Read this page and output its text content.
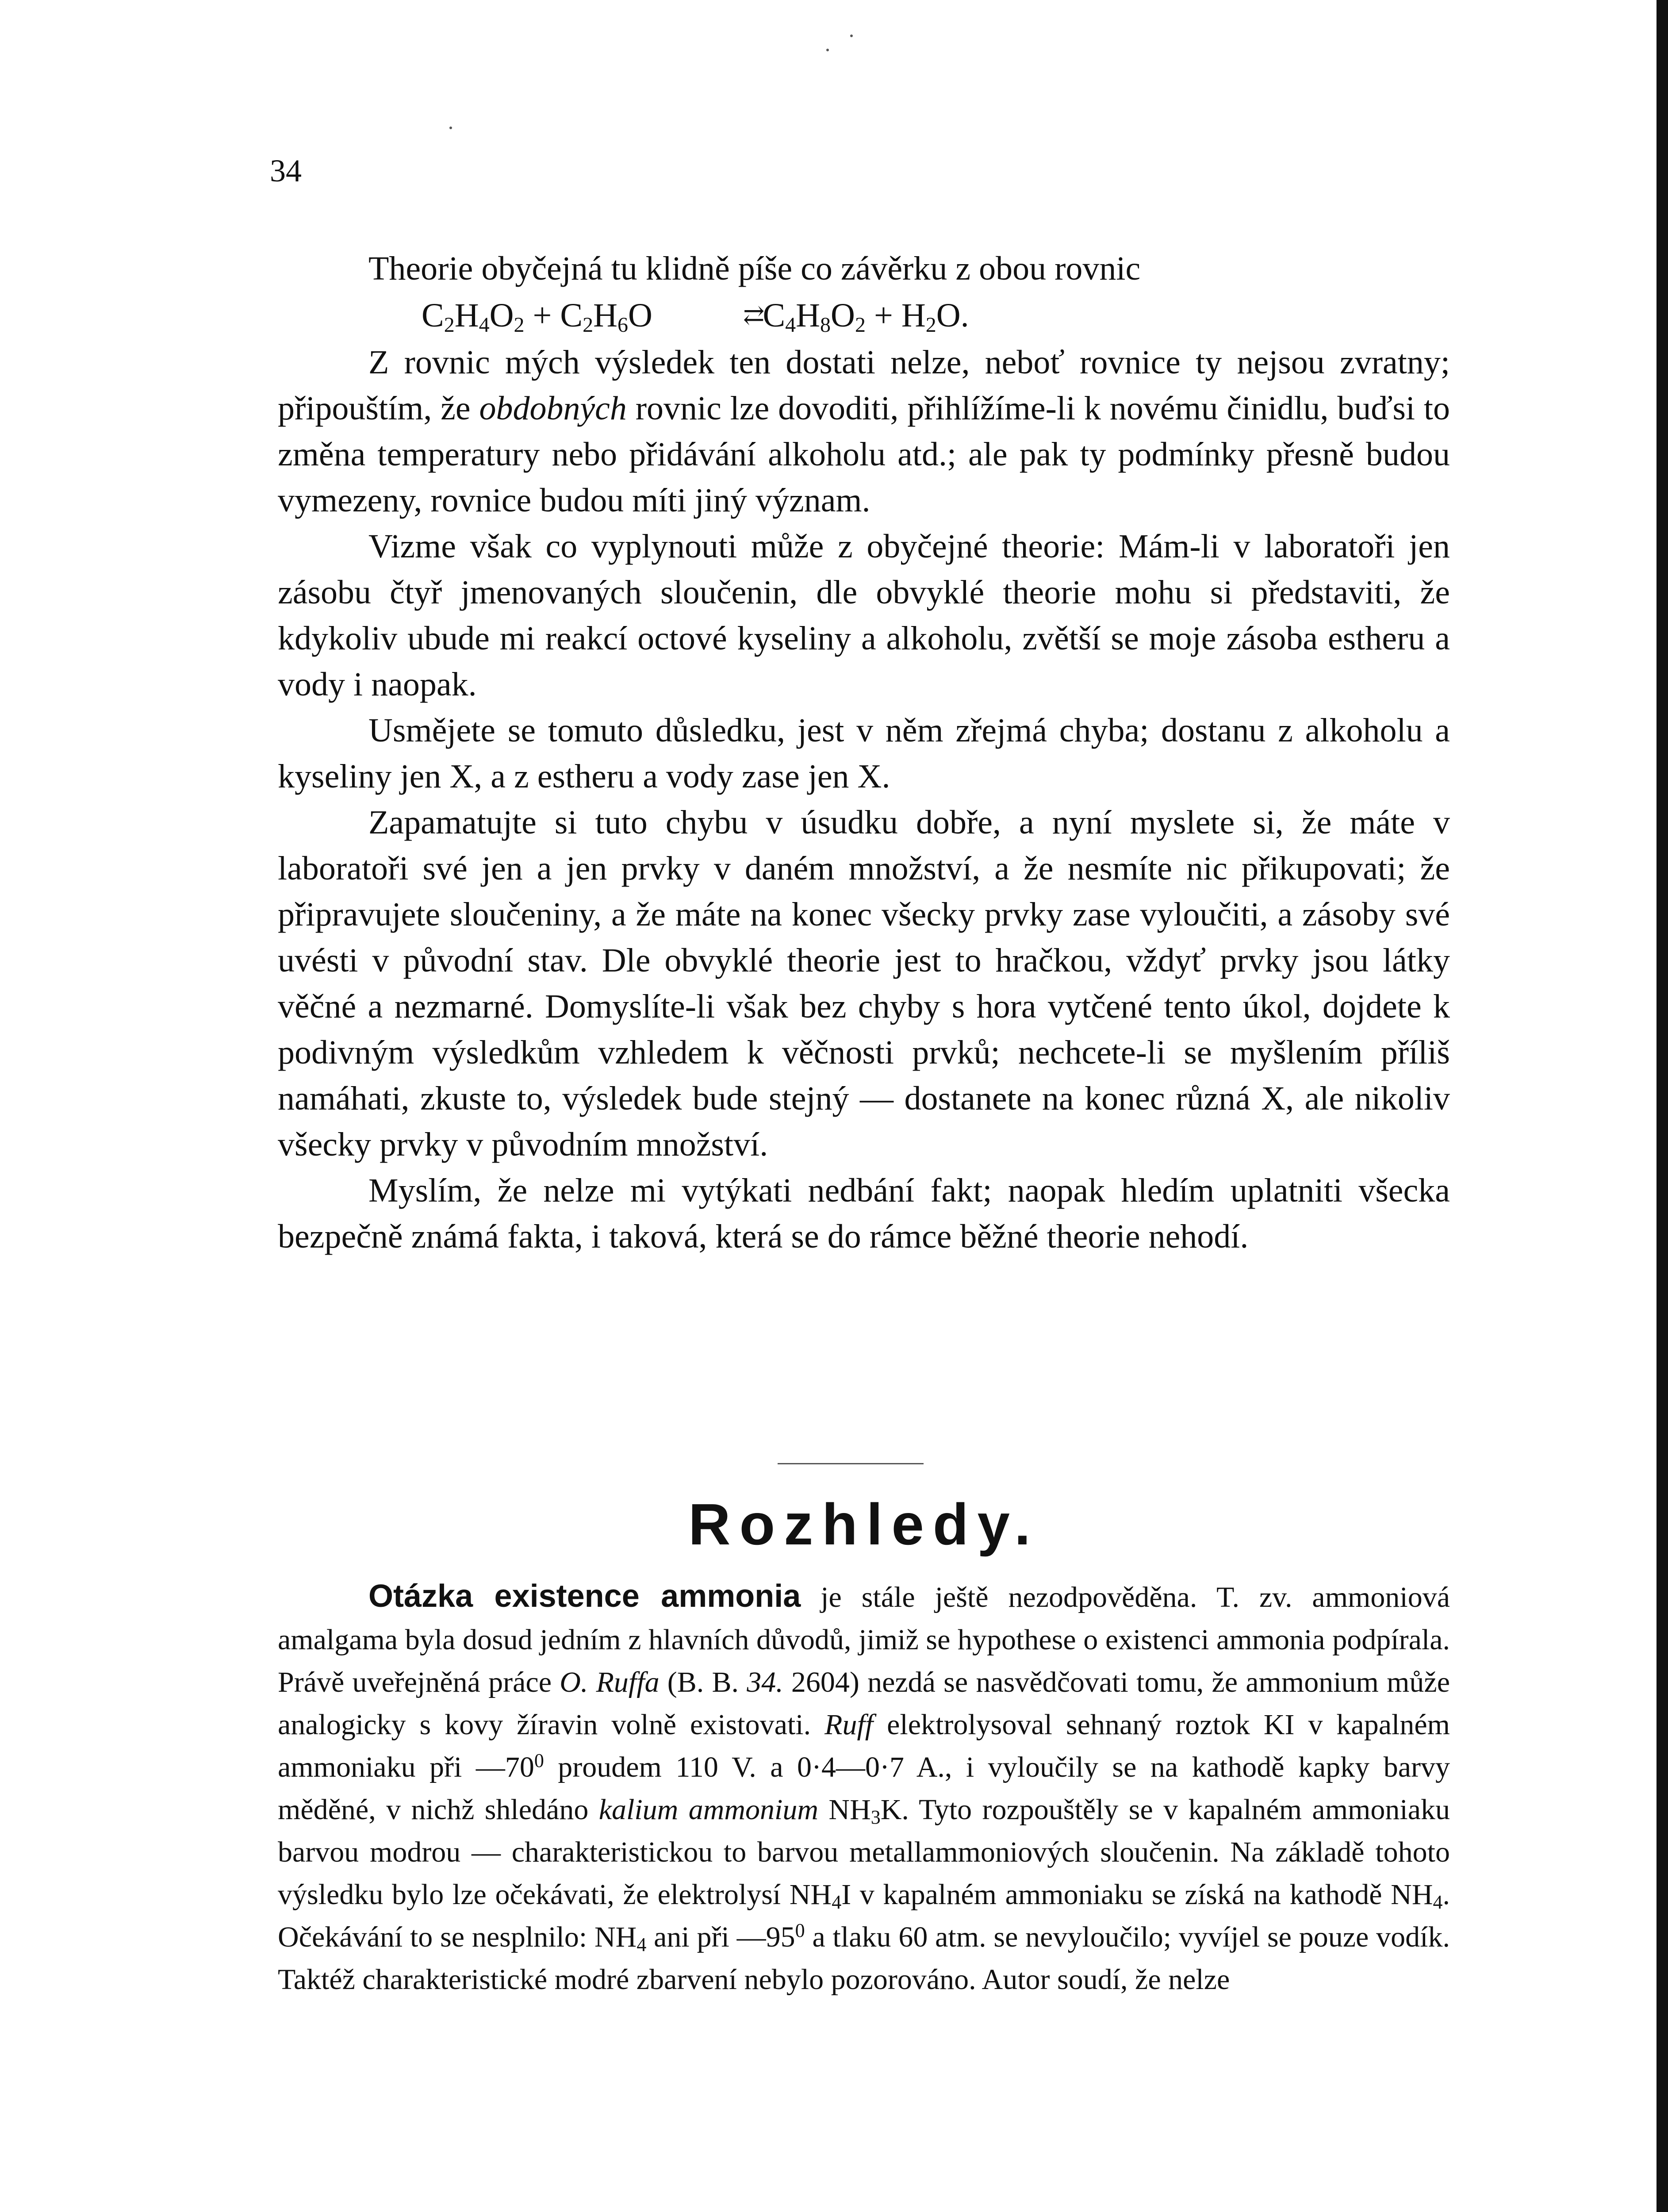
34

Theorie obyčejná tu klidně píše co závěrku z obou rovnic

$C_2H_4O_2 + C_2H_6O$	$⇄C_4H_8O_2 + H_2O$.

Z rovnic mých výsledek ten dostati nelze, neboť rovnice ty nejsou zvratny; připouštím, že obdobných rovnic lze dovoditi, přihlížíme-li k novému činidlu, buďsi to změna temperatury nebo přidávání alkoholu atd.; ale pak ty podmínky přesně budou vymezeny, rovnice budou míti jiný význam.

Vizme však co vyplynouti může z obyčejné theorie: Mám-li v laboratoři jen zásobu čtyř jmenovaných sloučenin, dle obvyklé theorie mohu si představiti, že kdykoliv ubude mi reakcí octové kyseliny a alkoholu, zvětší se moje zásoba estheru a vody i naopak.

Usmějete se tomuto důsledku, jest v něm zřejmá chyba; dostanu z alkoholu a kyseliny jen X, a z estheru a vody zase jen X.

Zapamatujte si tuto chybu v úsudku dobře, a nyní myslete si, že máte v laboratoři své jen a jen prvky v daném množství, a že nesmíte nic přikupovati; že připravujete sloučeniny, a že máte na konec všecky prvky zase vyloučiti, a zásoby své uvésti v původní stav. Dle obvyklé theorie jest to hračkou, vždyť prvky jsou látky věčné a nezmarné. Domyslíte-li však bez chyby s hora vytčené tento úkol, dojdete k podivným výsledkům vzhledem k věčnosti prvků; nechcete-li se myšlením příliš namáhati, zkuste to, výsledek bude stejný — dostanete na konec různá X, ale nikoliv všecky prvky v původním množství.

Myslím, že nelze mi vytýkati nedbání fakt; naopak hledím uplatniti všecka bezpečně známá fakta, i taková, která se do rámce běžné theorie nehodí.

Rozhledy.

Otázka existence ammonia je stále ještě nezodpověděna. T. zv. ammoniová amalgama byla dosud jedním z hlavních důvodů, jimiž se hypothese o existenci ammonia podpírala. Právě uveřejněná práce O. Ruffa (B. B. 34. 2604) nezdá se nasvědčovati tomu, že ammonium může analogicky s kovy žíravin volně existovati. Ruff elektrolysoval sehnaný roztok KI v kapalném ammoniaku při $—70^0$ proudem 110 V. a 0·4—0·7 A., i vyloučily se na kathodě kapky barvy měděné, v nichž shledáno kalium ammonium $NH_3K$. Tyto rozpouštěly se v kapalném ammoniaku barvou modrou — charakteristickou to barvou metallammoniových sloučenin. Na základě tohoto výsledku bylo lze očekávati, že elektrolysí $NH_4I$ v kapalném ammoniaku se získá na kathodě $NH_4$. Očekávání to se nesplnilo: $NH_4$ ani při $—95^0$ a tlaku 60 atm. se nevyloučilo; vyvíjel se pouze vodík. Taktéž charakteristické modré zbarvení nebylo pozorováno. Autor soudí, že nelze
